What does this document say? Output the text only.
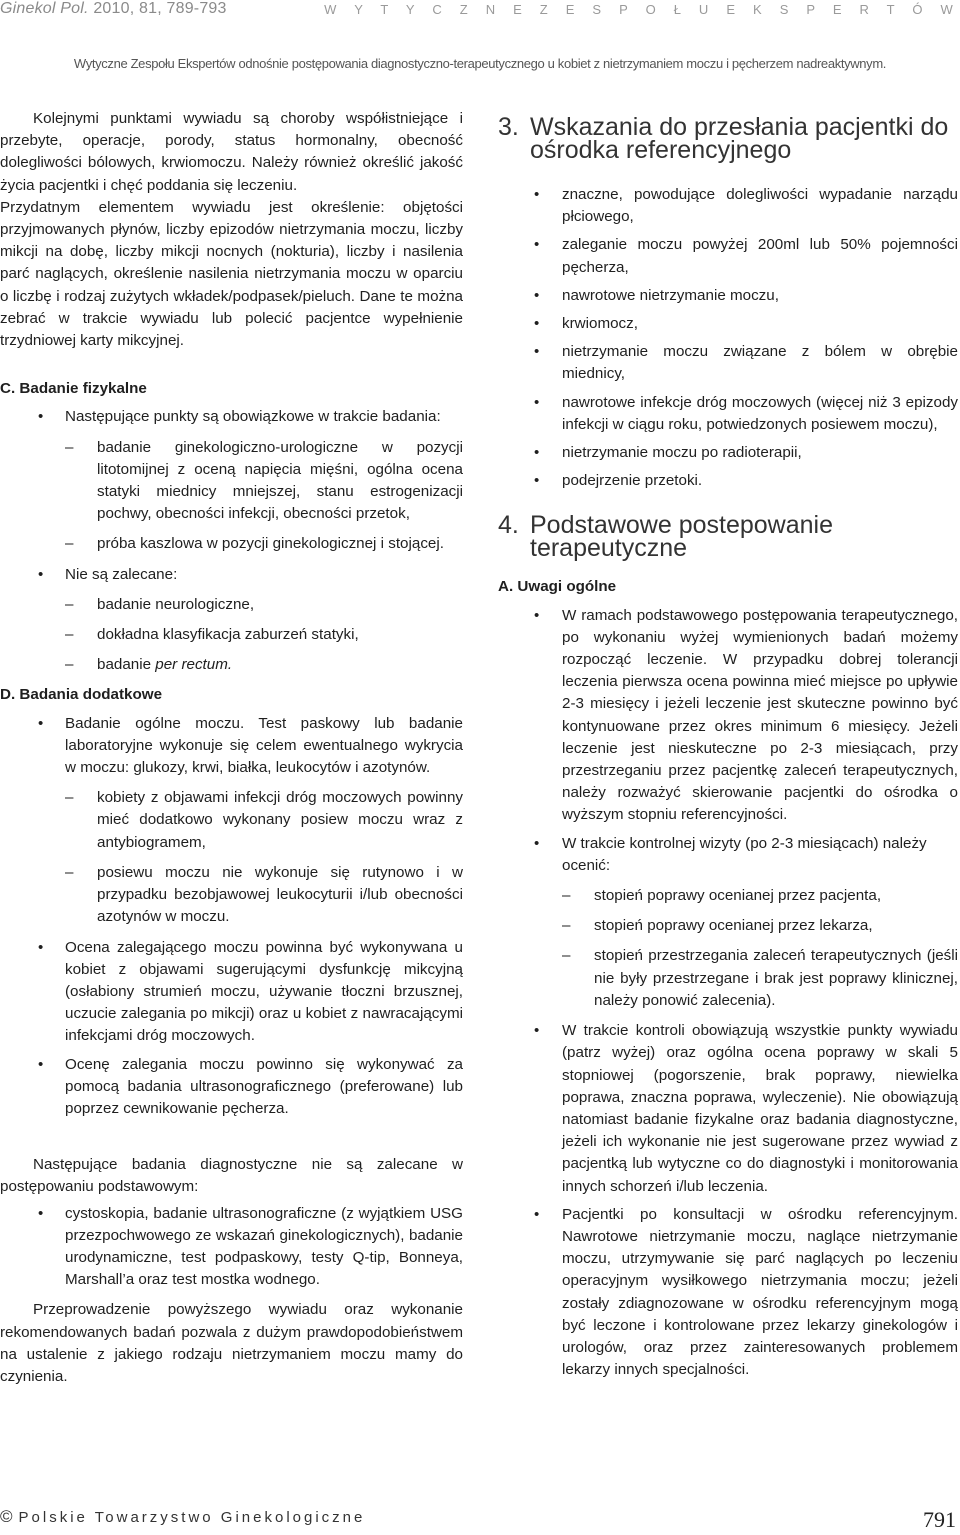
Ginekol Pol. 2010, 81, 789-793	W Y T Y C Z N E Z E S P O Ł U E K S P E R T Ó W
Wytyczne Zespołu Ekspertów odnośnie postępowania diagnostyczno-terapeutycznego u kobiet z nietrzymaniem moczu i pęcherzem nadreaktywnym.

Kolejnymi punktami wywiadu są choroby współistniejące i przebyte, operacje, porody, status hormonalny, obecność dolegliwości bólowych, krwiomoczu. Należy również określić jakość życia pacjentki i chęć poddania się leczeniu.

Przydatnym elementem wywiadu jest określenie: objętości przyjmowanych płynów, liczby epizodów nietrzymania moczu, liczby mikcji na dobę, liczby mikcji nocnych (nokturia), liczby i nasilenia parć naglących, określenie nasilenia nietrzymania moczu w oparciu o liczbę i rodzaj zużytych wkładek/podpasek/pieluch. Dane te można zebrać w trakcie wywiadu lub polecić pacjentce wypełnienie trzydniowej karty mikcyjnej.

C. Badanie fizykalne
• Następujące punkty są obowiązkowe w trakcie badania:
– badanie ginekologiczno-urologiczne w pozycji litotomijnej z oceną napięcia mięśni, ogólna ocena statyki miednicy mniejszej, stanu estrogenizacji pochwy, obecności infekcji, obecności przetok,
– próba kaszlowa w pozycji ginekologicznej i stojącej.
• Nie są zalecane:
– badanie neurologiczne,
– dokładna klasyfikacja zaburzeń statyki,
– badanie per rectum.
D. Badania dodatkowe
• Badanie ogólne moczu. Test paskowy lub badanie laboratoryjne wykonuje się celem ewentualnego wykrycia w moczu: glukozy, krwi, białka, leukocytów i azotynów.
– kobiety z objawami infekcji dróg moczowych powinny mieć dodatkowo wykonany posiew moczu wraz z antybiogramem,
– posiewu moczu nie wykonuje się rutynowo i w przypadku bezobjawowej leukocyturii i/lub obecności azotynów w moczu.
• Ocena zalegającego moczu powinna być wykonywana u kobiet z objawami sugerującymi dysfunkcję mikcyjną (osłabiony strumień moczu, używanie tłoczni brzusznej, uczucie zalegania po mikcji) oraz u kobiet z nawracającymi infekcjami dróg moczowych.
• Ocenę zalegania moczu powinno się wykonywać za pomocą badania ultrasonograficznego (preferowane) lub poprzez cewnikowanie pęcherza.

Następujące badania diagnostyczne nie są zalecane w postępowaniu podstawowym:

• cystoskopia, badanie ultrasonograficzne (z wyjątkiem USG przezpochwowego ze wskazań ginekologicznych), badanie urodynamiczne, test podpaskowy, testy Q-tip, Bonneya, Marshall’a oraz test mostka wodnego.

Przeprowadzenie powyższego wywiadu oraz wykonanie rekomendowanych badań pozwala z dużym prawdopodobieństwem na ustalenie z jakiego rodzaju nietrzymaniem moczu mamy do czynienia.

3. Wskazania do przesłania pacjentki do ośrodka referencyjnego
• znaczne, powodujące dolegliwości wypadanie narządu płciowego,
• zaleganie moczu powyżej 200ml lub 50% pojemności pęcherza,
• nawrotowe nietrzymanie moczu,
• krwiomocz,
• nietrzymanie moczu związane z bólem w obrębie miednicy,
• nawrotowe infekcje dróg moczowych (więcej niż 3 epizody infekcji w ciągu roku, potwiedzonych posiewem moczu),
• nietrzymanie moczu po radioterapii,
• podejrzenie przetoki.
4. Podstawowe postepowanie terapeutyczne
A. Uwagi ogólne
• W ramach podstawowego postępowania terapeutycznego, po wykonaniu wyżej wymienionych badań możemy rozpocząć leczenie. W przypadku dobrej tolerancji leczenia pierwsza ocena powinna mieć miejsce po upływie 2-3 miesięcy i jeżeli leczenie jest skuteczne powinno być kontynuowane przez okres minimum 6 miesięcy. Jeżeli leczenie jest nieskuteczne po 2-3 miesiącach, przy przestrzeganiu przez pacjentkę zaleceń terapeutycznych, należy rozważyć skierowanie pacjentki do ośrodka o wyższym stopniu referencyjności.
• W trakcie kontrolnej wizyty (po 2-3 miesiącach) należy ocenić:
– stopień poprawy ocenianej przez pacjenta,
– stopień poprawy ocenianej przez lekarza,
– stopień przestrzegania zaleceń terapeutycznych (jeśli nie były przestrzegane i brak jest poprawy klinicznej, należy ponowić zalecenia).
• W trakcie kontroli obowiązują wszystkie punkty wywiadu (patrz wyżej) oraz ogólna ocena poprawy w skali 5 stopniowej (pogorszenie, brak poprawy, niewielka poprawa, znaczna poprawa, wyleczenie). Nie obowiązują natomiast badanie fizykalne oraz badania diagnostyczne, jeżeli ich wykonanie nie jest sugerowane przez wywiad z pacjentką lub wytyczne co do diagnostyki i monitorowania innych schorzeń i/lub leczenia.
• Pacjentki po konsultacji w ośrodku referencyjnym. Nawrotowe nietrzymanie moczu, naglące nietrzymanie moczu, utrzymywanie się parć naglących po leczeniu operacyjnym wysiłkowego nietrzymania moczu; jeżeli zostały zdiagnozowane w ośrodku referencyjnym mogą być leczone i kontrolowane przez lekarzy ginekologów i urologów, oraz przez zainteresowanych problemem lekarzy innych specjalności.
© Polskie Towarzystwo Ginekologiczne	791
